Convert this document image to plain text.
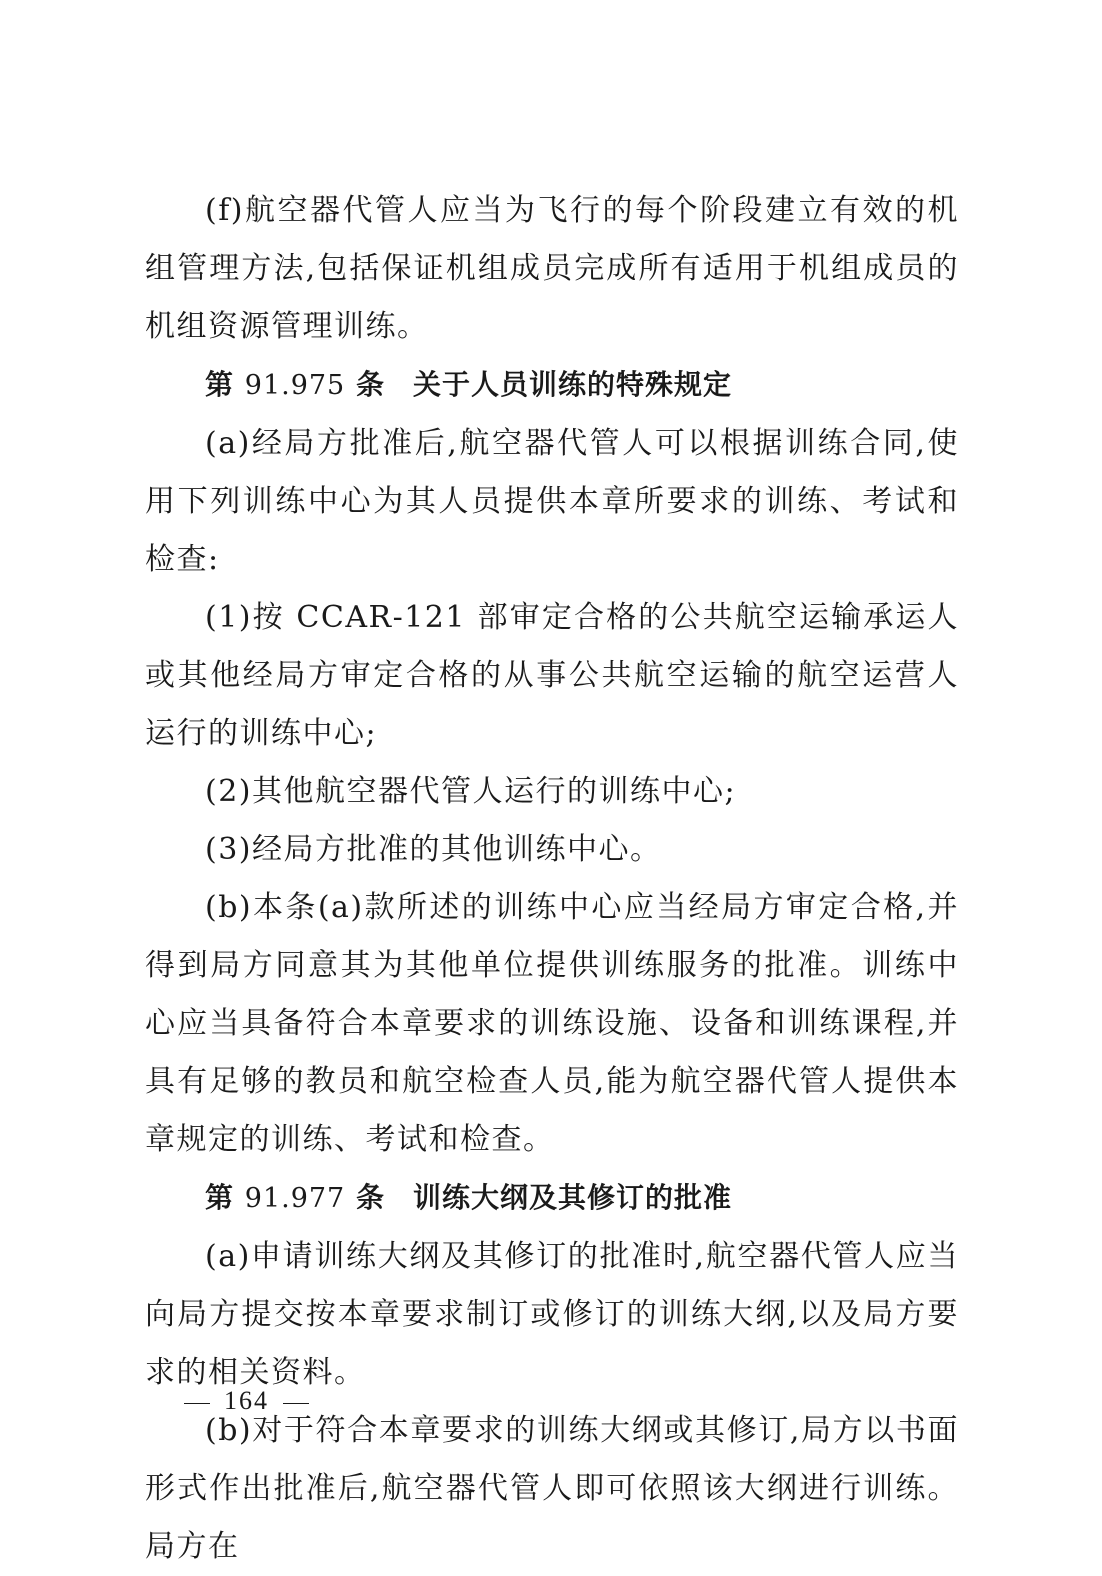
(f)航空器代管人应当为飞行的每个阶段建立有效的机组管理方法,包括保证机组成员完成所有适用于机组成员的机组资源管理训练。

第 91.975 条 关于人员训练的特殊规定

(a)经局方批准后,航空器代管人可以根据训练合同,使用下列训练中心为其人员提供本章所要求的训练、考试和检查:

(1)按 CCAR-121 部审定合格的公共航空运输承运人或其他经局方审定合格的从事公共航空运输的航空运营人运行的训练中心;

(2)其他航空器代管人运行的训练中心;

(3)经局方批准的其他训练中心。

(b)本条(a)款所述的训练中心应当经局方审定合格,并得到局方同意其为其他单位提供训练服务的批准。训练中心应当具备符合本章要求的训练设施、设备和训练课程,并具有足够的教员和航空检查人员,能为航空器代管人提供本章规定的训练、考试和检查。

第 91.977 条 训练大纲及其修订的批准

(a)申请训练大纲及其修订的批准时,航空器代管人应当向局方提交按本章要求制订或修订的训练大纲,以及局方要求的相关资料。

(b)对于符合本章要求的训练大纲或其修订,局方以书面形式作出批准后,航空器代管人即可依照该大纲进行训练。局方在

164
